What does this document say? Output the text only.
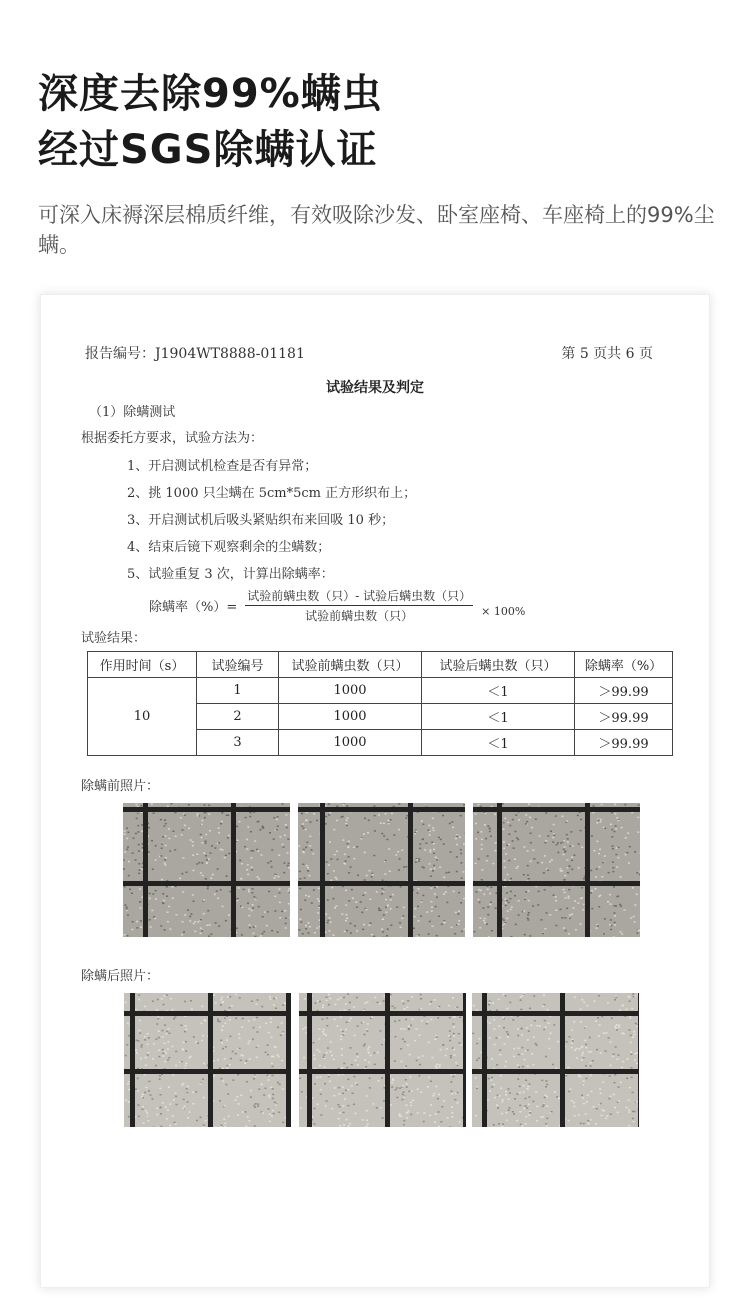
深度去除99%螨虫
经过SGS除螨认证
可深入床褥深层棉质纤维，有效吸除沙发、卧室座椅、车座椅上的99%尘螨。
报告编号：J1904WT8888-01181	第 5 页共 6 页
试验结果及判定
（1）除螨测试
根据委托方要求，试验方法为：
1、开启测试机检查是否有异常；
2、挑 1000 只尘螨在 5cm*5cm 正方形织布上；
3、开启测试机后吸头紧贴织布来回吸 10 秒；
4、结束后镜下观察剩余的尘螨数；
5、试验重复 3 次，计算出除螨率：
除螨率（%）= $\frac{\text{试验前螨虫数（只）- 试验后螨虫数（只）}}{\text{试验前螨虫数（只）}} \times 100\%$
试验结果：
作用时间（s）	试验编号	试验前螨虫数（只）	试验后螨虫数（只）	除螨率（%）
10	1	1000	＜1	＞99.99
	2	1000	＜1	＞99.99
	3	1000	＜1	＞99.99
除螨前照片：
除螨后照片：
